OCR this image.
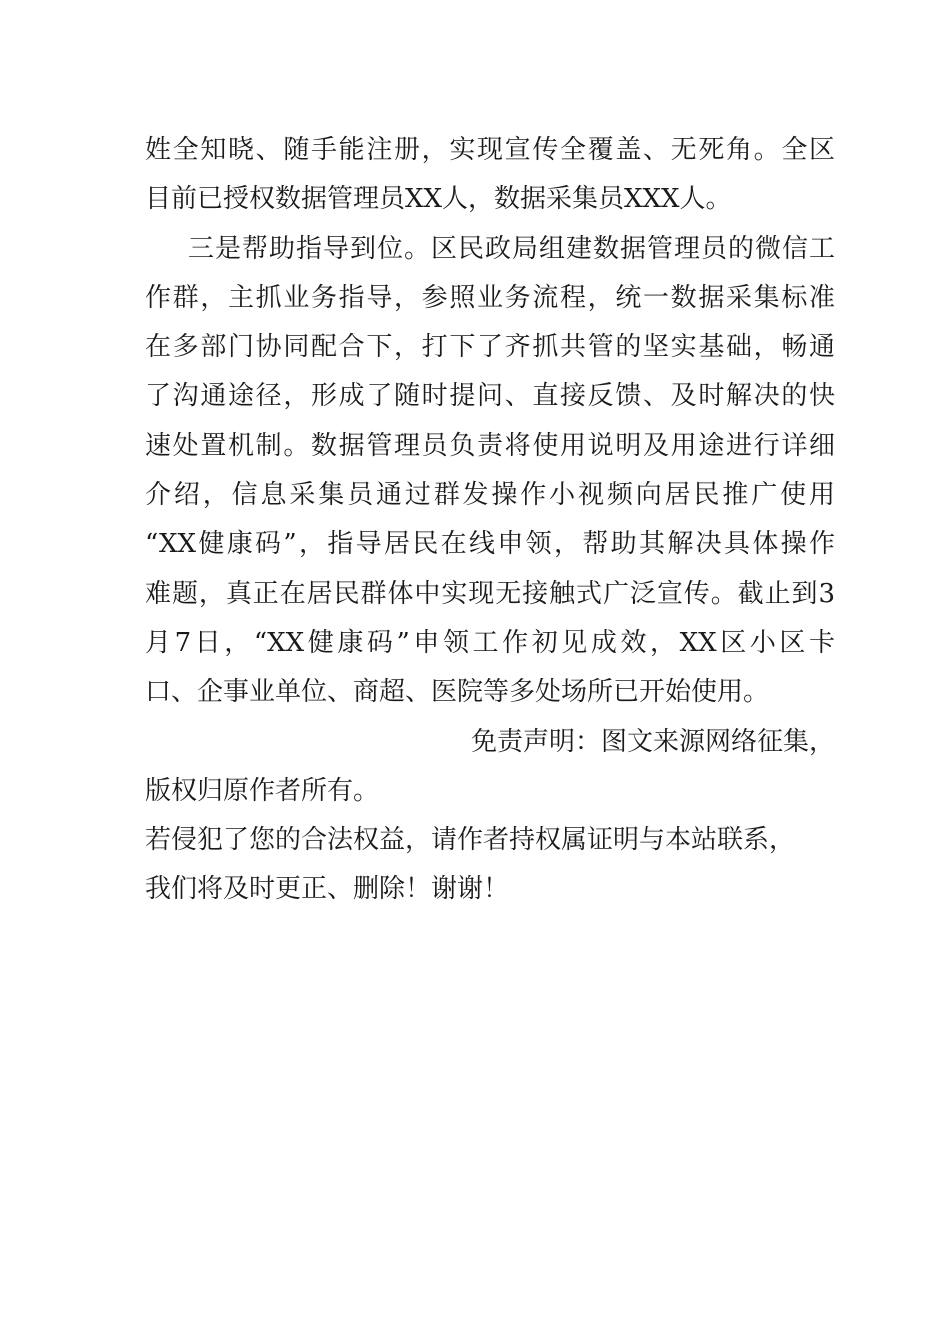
姓全知晓、随手能注册，实现宣传全覆盖、无死角。全区
目前已授权数据管理员XX人，数据采集员XXX人。
三是帮助指导到位。区民政局组建数据管理员的微信工
作群，主抓业务指导，参照业务流程，统一数据采集标准
在多部门协同配合下，打下了齐抓共管的坚实基础，畅通
了沟通途径，形成了随时提问、直接反馈、及时解决的快
速处置机制。数据管理员负责将使用说明及用途进行详细
介绍，信息采集员通过群发操作小视频向居民推广使用
“XX健康码”，指导居民在线申领，帮助其解决具体操作
难题，真正在居民群体中实现无接触式广泛宣传。截止到3
月7日，“XX健康码”申领工作初见成效，XX区小区卡
口、企事业单位、商超、医院等多处场所已开始使用。
免责声明：图文来源网络征集，
版权归原作者所有。
若侵犯了您的合法权益，请作者持权属证明与本站联系，
我们将及时更正、删除！谢谢！
